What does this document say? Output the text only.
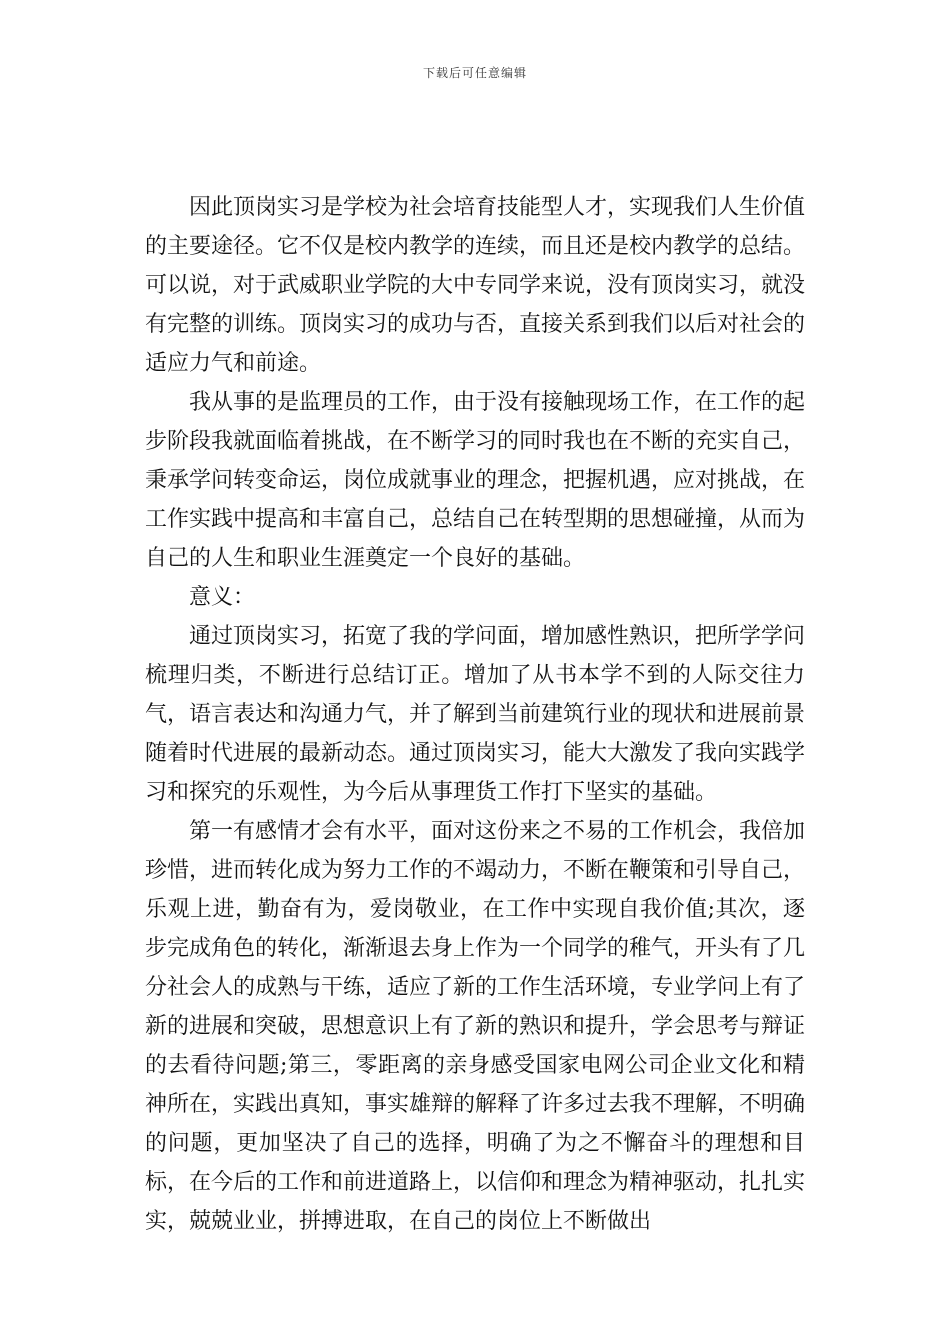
下载后可任意编辑

因此顶岗实习是学校为社会培育技能型人才，实现我们人生价值的主要途径。它不仅是校内教学的连续，而且还是校内教学的总结。可以说，对于武威职业学院的大中专同学来说，没有顶岗实习，就没有完整的训练。顶岗实习的成功与否，直接关系到我们以后对社会的适应力气和前途。

我从事的是监理员的工作，由于没有接触现场工作，在工作的起步阶段我就面临着挑战，在不断学习的同时我也在不断的充实自己，秉承学问转变命运，岗位成就事业的理念，把握机遇，应对挑战，在工作实践中提高和丰富自己，总结自己在转型期的思想碰撞，从而为自己的人生和职业生涯奠定一个良好的基础。

意义：

通过顶岗实习，拓宽了我的学问面，增加感性熟识，把所学学问梳理归类，不断进行总结订正。增加了从书本学不到的人际交往力气，语言表达和沟通力气，并了解到当前建筑行业的现状和进展前景随着时代进展的最新动态。通过顶岗实习，能大大激发了我向实践学习和探究的乐观性，为今后从事理货工作打下坚实的基础。

第一有感情才会有水平，面对这份来之不易的工作机会，我倍加珍惜，进而转化成为努力工作的不竭动力，不断在鞭策和引导自己，乐观上进，勤奋有为，爱岗敬业，在工作中实现自我价值;其次，逐步完成角色的转化，渐渐退去身上作为一个同学的稚气，开头有了几分社会人的成熟与干练，适应了新的工作生活环境，专业学问上有了新的进展和突破，思想意识上有了新的熟识和提升，学会思考与辩证的去看待问题;第三，零距离的亲身感受国家电网公司企业文化和精神所在，实践出真知，事实雄辩的解释了许多过去我不理解，不明确的问题，更加坚决了自己的选择，明确了为之不懈奋斗的理想和目标，在今后的工作和前进道路上，以信仰和理念为精神驱动，扎扎实实，兢兢业业，拼搏进取，在自己的岗位上不断做出
